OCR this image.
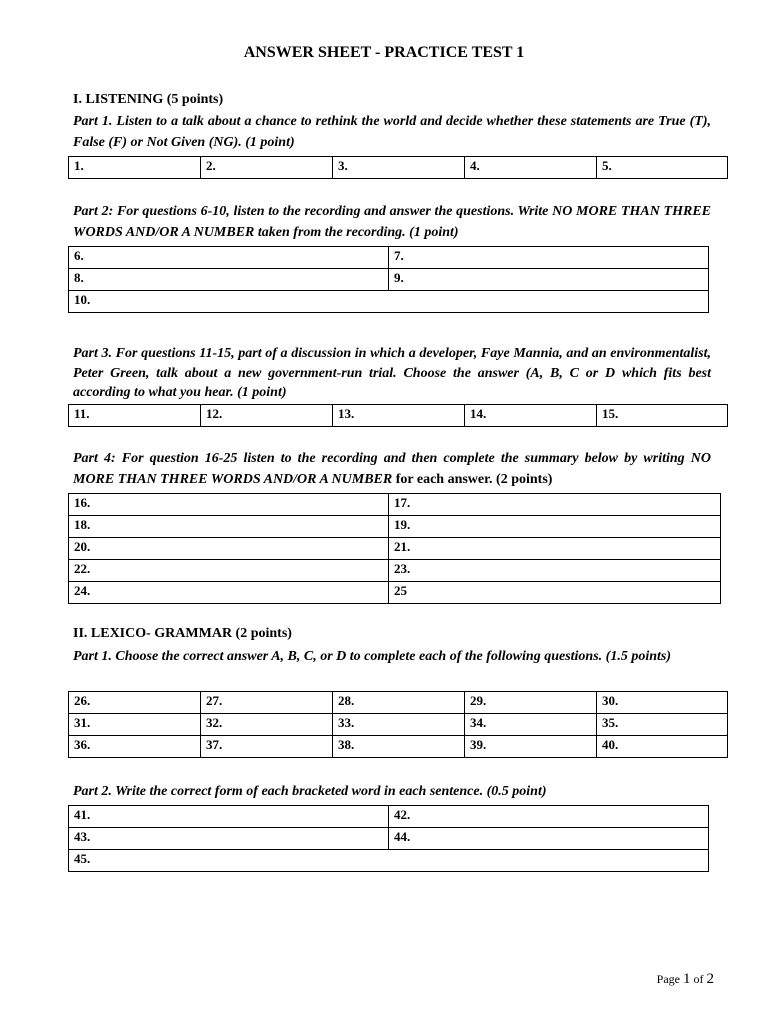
ANSWER SHEET - PRACTICE TEST 1
I. LISTENING (5 points)
Part 1. Listen to a talk about a chance to rethink the world and decide whether these statements are True (T), False (F) or Not Given (NG). (1 point)
1.	2.	3.	4.	5.
Part 2: For questions 6-10, listen to the recording and answer the questions. Write NO MORE THAN THREE WORDS AND/OR A NUMBER taken from the recording. (1 point)
6.	7.
8.	9.
10.	
Part 3. For questions 11-15, part of a discussion in which a developer, Faye Mannia, and an environmentalist, Peter Green, talk about a new government-run trial. Choose the answer (A, B, C or D which fits best according to what you hear. (1 point)
11.	12.	13.	14.	15.
Part 4: For question 16-25 listen to the recording and then complete the summary below by writing NO MORE THAN THREE WORDS AND/OR A NUMBER for each answer. (2 points)
16.	17.
18.	19.
20.	21.
22.	23.
24.	25
II. LEXICO- GRAMMAR (2 points)
Part 1. Choose the correct answer A, B, C, or D to complete each of the following questions. (1.5 points)
26.	27.	28.	29.	30.
31.	32.	33.	34.	35.
36.	37.	38.	39.	40.
Part 2. Write the correct form of each bracketed word in each sentence. (0.5 point)
41.	42.
43.	44.
45.	
Page 1 of 2
